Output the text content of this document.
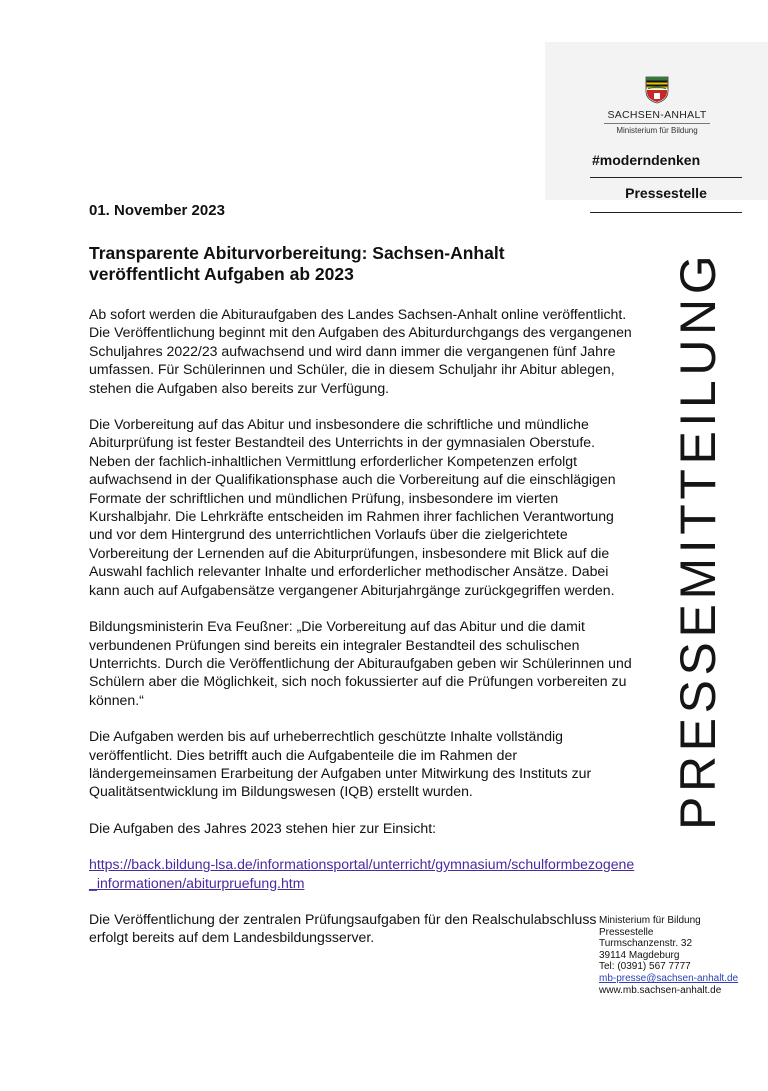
SACHSEN-ANHALT
Ministerium für Bildung
#moderndenken
Pressestelle
PRESSEMITTEILUNG
01. November 2023
Transparente Abiturvorbereitung: Sachsen-Anhalt veröffentlicht Aufgaben ab 2023

Ab sofort werden die Abituraufgaben des Landes Sachsen-Anhalt online veröffentlicht. Die Veröffentlichung beginnt mit den Aufgaben des Abiturdurchgangs des vergangenen Schuljahres 2022/23 aufwachsend und wird dann immer die vergangenen fünf Jahre umfassen. Für Schülerinnen und Schüler, die in diesem Schuljahr ihr Abitur ablegen, stehen die Aufgaben also bereits zur Verfügung.

Die Vorbereitung auf das Abitur und insbesondere die schriftliche und mündliche Abiturprüfung ist fester Bestandteil des Unterrichts in der gymnasialen Oberstufe. Neben der fachlich-inhaltlichen Vermittlung erforderlicher Kompetenzen erfolgt aufwachsend in der Qualifikationsphase auch die Vorbereitung auf die einschlägigen Formate der schriftlichen und mündlichen Prüfung, insbesondere im vierten Kurshalbjahr. Die Lehrkräfte entscheiden im Rahmen ihrer fachlichen Verantwortung und vor dem Hintergrund des unterrichtlichen Vorlaufs über die zielgerichtete Vorbereitung der Lernenden auf die Abiturprüfungen, insbesondere mit Blick auf die Auswahl fachlich relevanter Inhalte und erforderlicher methodischer Ansätze. Dabei kann auch auf Aufgabensätze vergangener Abiturjahrgänge zurückgegriffen werden.

Bildungsministerin Eva Feußner: „Die Vorbereitung auf das Abitur und die damit verbundenen Prüfungen sind bereits ein integraler Bestandteil des schulischen Unterrichts. Durch die Veröffentlichung der Abituraufgaben geben wir Schülerinnen und Schülern aber die Möglichkeit, sich noch fokussierter auf die Prüfungen vorbereiten zu können.“

Die Aufgaben werden bis auf urheberrechtlich geschützte Inhalte vollständig veröffentlicht. Dies betrifft auch die Aufgabenteile die im Rahmen der ländergemeinsamen Erarbeitung der Aufgaben unter Mitwirkung des Instituts zur Qualitätsentwicklung im Bildungswesen (IQB) erstellt wurden.

Die Aufgaben des Jahres 2023 stehen hier zur Einsicht:

https://back.bildung-lsa.de/informationsportal/unterricht/gymnasium/schulformbezogene_informationen/abiturpruefung.htm

Die Veröffentlichung der zentralen Prüfungsaufgaben für den Realschulabschluss erfolgt bereits auf dem Landesbildungsserver.

Ministerium für Bildung
Pressestelle
Turmschanzenstr. 32
39114 Magdeburg
Tel: (0391) 567 7777
mb-presse@sachsen-anhalt.de
www.mb.sachsen-anhalt.de
